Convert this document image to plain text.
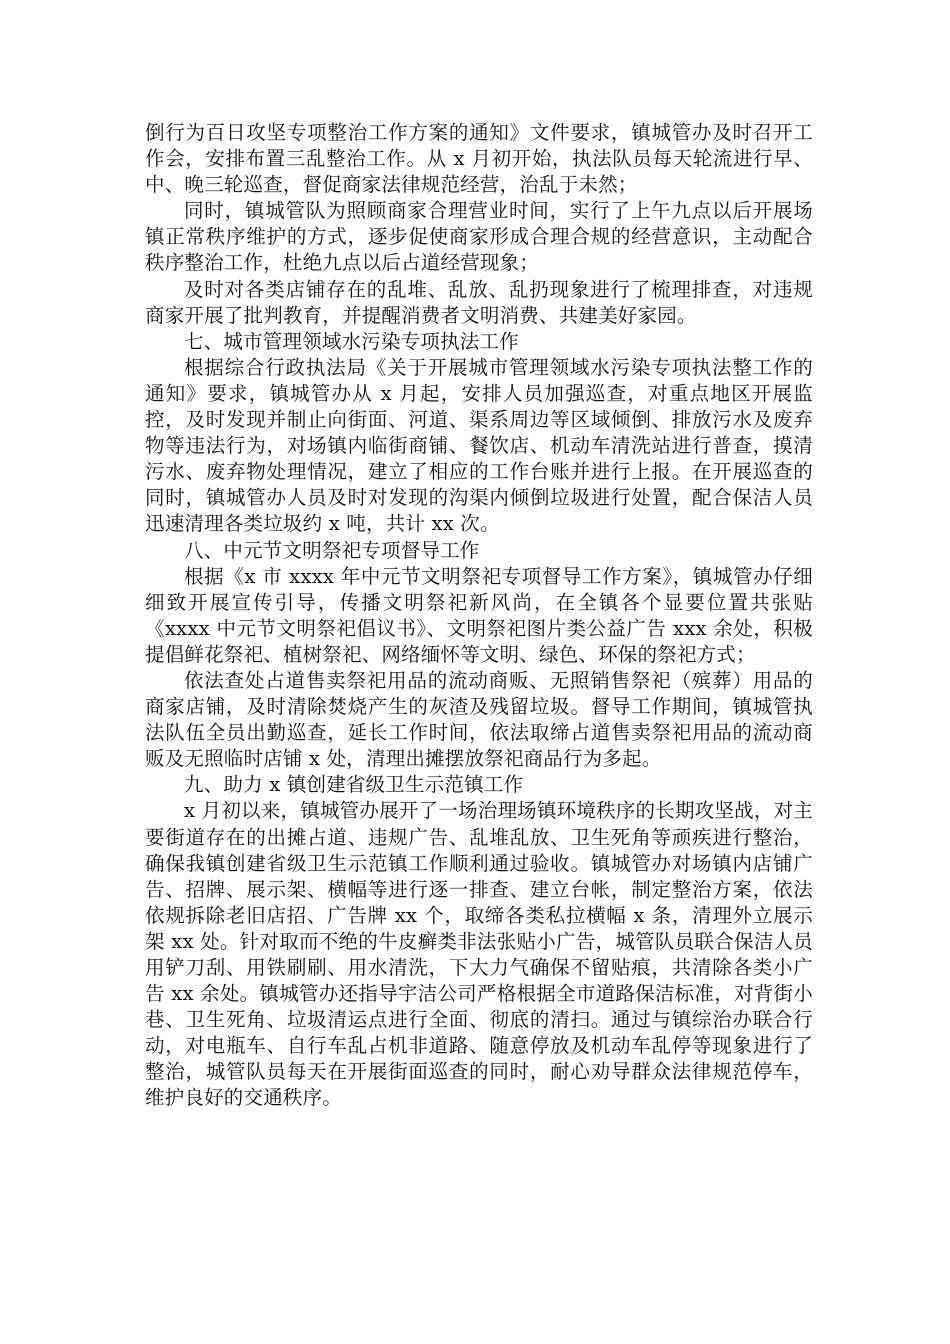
倒行为百日攻坚专项整治工作方案的通知》文件要求，镇城管办及时召开工作会，安排布置三乱整治工作。从 x 月初开始，执法队员每天轮流进行早、中、晚三轮巡查，督促商家法律规范经营，治乱于未然；

同时，镇城管队为照顾商家合理营业时间，实行了上午九点以后开展场镇正常秩序维护的方式，逐步促使商家形成合理合规的经营意识，主动配合秩序整治工作，杜绝九点以后占道经营现象；

及时对各类店铺存在的乱堆、乱放、乱扔现象进行了梳理排查，对违规商家开展了批判教育，并提醒消费者文明消费、共建美好家园。

七、城市管理领域水污染专项执法工作

根据综合行政执法局《关于开展城市管理领域水污染专项执法整工作的通知》要求，镇城管办从 x 月起，安排人员加强巡查，对重点地区开展监控，及时发现并制止向街面、河道、渠系周边等区域倾倒、排放污水及废弃物等违法行为，对场镇内临街商铺、餐饮店、机动车清洗站进行普查，摸清污水、废弃物处理情况，建立了相应的工作台账并进行上报。在开展巡查的同时，镇城管办人员及时对发现的沟渠内倾倒垃圾进行处置，配合保洁人员迅速清理各类垃圾约 x 吨，共计 xx 次。

八、中元节文明祭祀专项督导工作

根据《x 市 xxxx 年中元节文明祭祀专项督导工作方案》，镇城管办仔细细致开展宣传引导，传播文明祭祀新风尚，在全镇各个显要位置共张贴《xxxx 中元节文明祭祀倡议书》、文明祭祀图片类公益广告 xxx 余处，积极提倡鲜花祭祀、植树祭祀、网络缅怀等文明、绿色、环保的祭祀方式；

依法查处占道售卖祭祀用品的流动商贩、无照销售祭祀（殡葬）用品的商家店铺，及时清除焚烧产生的灰渣及残留垃圾。督导工作期间，镇城管执法队伍全员出勤巡查，延长工作时间，依法取缔占道售卖祭祀用品的流动商贩及无照临时店铺 x 处，清理出摊摆放祭祀商品行为多起。

九、助力 x 镇创建省级卫生示范镇工作

x 月初以来，镇城管办展开了一场治理场镇环境秩序的长期攻坚战，对主要街道存在的出摊占道、违规广告、乱堆乱放、卫生死角等顽疾进行整治，确保我镇创建省级卫生示范镇工作顺利通过验收。镇城管办对场镇内店铺广告、招牌、展示架、横幅等进行逐一排查、建立台帐，制定整治方案，依法依规拆除老旧店招、广告牌 xx 个，取缔各类私拉横幅 x 条，清理外立展示架 xx 处。针对取而不绝的牛皮癣类非法张贴小广告，城管队员联合保洁人员用铲刀刮、用铁刷刷、用水清洗，下大力气确保不留贴痕，共清除各类小广告 xx 余处。镇城管办还指导宇洁公司严格根据全市道路保洁标准，对背街小巷、卫生死角、垃圾清运点进行全面、彻底的清扫。通过与镇综治办联合行动，对电瓶车、自行车乱占机非道路、随意停放及机动车乱停等现象进行了整治，城管队员每天在开展街面巡查的同时，耐心劝导群众法律规范停车，维护良好的交通秩序。
